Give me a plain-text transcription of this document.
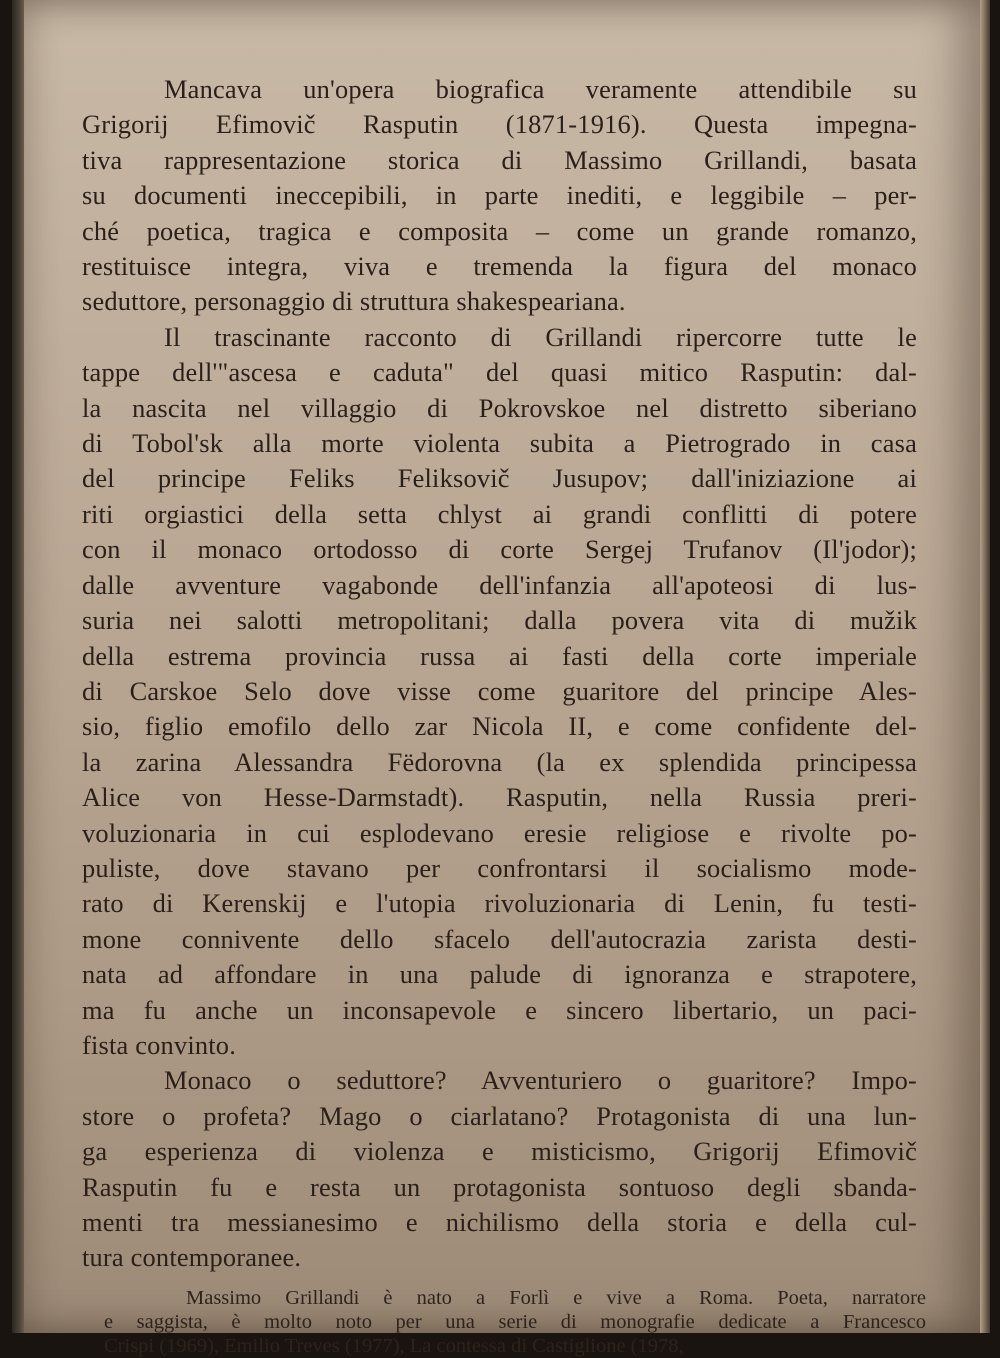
Mancava un'opera biografica veramente attendibile su
Grigorij Efimovič Rasputin (1871-1916). Questa impegna-
tiva rappresentazione storica di Massimo Grillandi, basata
su documenti ineccepibili, in parte inediti, e leggibile – per-
ché poetica, tragica e composita – come un grande romanzo,
restituisce integra, viva e tremenda la figura del monaco
seduttore, personaggio di struttura shakespeariana.
Il trascinante racconto di Grillandi ripercorre tutte le
tappe dell'"ascesa e caduta" del quasi mitico Rasputin: dal-
la nascita nel villaggio di Pokrovskoe nel distretto siberiano
di Tobol'sk alla morte violenta subita a Pietrogrado in casa
del principe Feliks Feliksovič Jusupov; dall'iniziazione ai
riti orgiastici della setta chlyst ai grandi conflitti di potere
con il monaco ortodosso di corte Sergej Trufanov (Il'jodor);
dalle avventure vagabonde dell'infanzia all'apoteosi di lus-
suria nei salotti metropolitani; dalla povera vita di mužik
della estrema provincia russa ai fasti della corte imperiale
di Carskoe Selo dove visse come guaritore del principe Ales-
sio, figlio emofilo dello zar Nicola II, e come confidente del-
la zarina Alessandra Fëdorovna (la ex splendida principessa
Alice von Hesse-Darmstadt). Rasputin, nella Russia preri-
voluzionaria in cui esplodevano eresie religiose e rivolte po-
puliste, dove stavano per confrontarsi il socialismo mode-
rato di Kerenskij e l'utopia rivoluzionaria di Lenin, fu testi-
mone connivente dello sfacelo dell'autocrazia zarista desti-
nata ad affondare in una palude di ignoranza e strapotere,
ma fu anche un inconsapevole e sincero libertario, un paci-
fista convinto.
Monaco o seduttore? Avventuriero o guaritore? Impo-
store o profeta? Mago o ciarlatano? Protagonista di una lun-
ga esperienza di violenza e misticismo, Grigorij Efimovič
Rasputin fu e resta un protagonista sontuoso degli sbanda-
menti tra messianesimo e nichilismo della storia e della cul-
tura contemporanee.
Massimo Grillandi è nato a Forlì e vive a Roma. Poeta, narratore
e saggista, è molto noto per una serie di monografie dedicate a Francesco
Crispi (1969), Emilio Treves (1977), La contessa di Castiglione (1978,
